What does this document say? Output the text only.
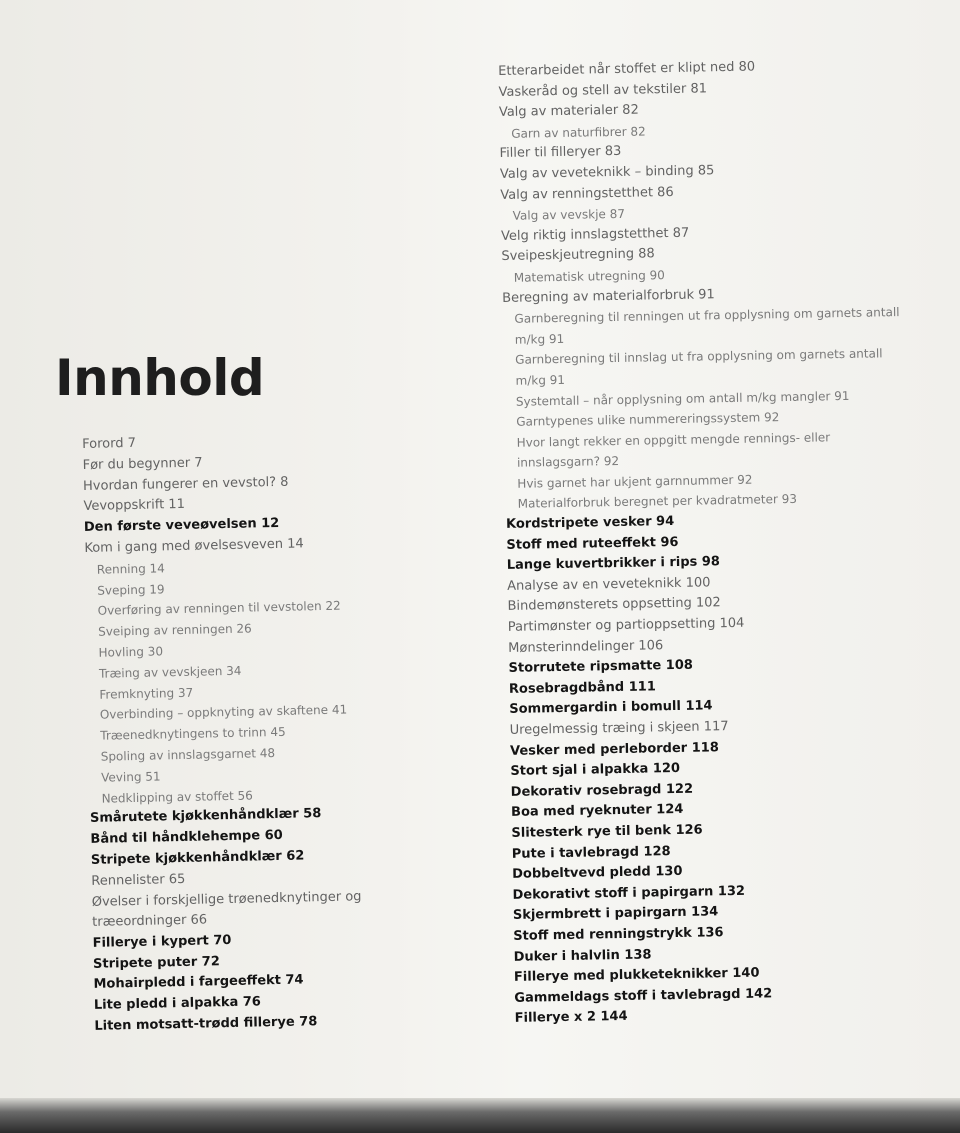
Innhold
Forord 7
Før du begynner 7
Hvordan fungerer en vevstol? 8
Vevoppskrift 11
Den første veveøvelsen 12
Kom i gang med øvelsesveven 14
Renning 14
Sveping 19
Overføring av renningen til vevstolen 22
Sveiping av renningen 26
Hovling 30
Træing av vevskjeen 34
Fremknyting 37
Overbinding – oppknyting av skaftene 41
Træenedknytingens to trinn 45
Spoling av innslagsgarnet 48
Veving 51
Nedklipping av stoffet 56
Smårutete kjøkkenhåndklær 58
Bånd til håndklehempe 60
Stripete kjøkkenhåndklær 62
Rennelister 65
Øvelser i forskjellige trøenedknytinger og træeordninger 66
Fillerye i kypert 70
Stripete puter 72
Mohairpledd i fargeeffekt 74
Lite pledd i alpakka 76
Liten motsatt-trødd fillerye 78
Etterarbeidet når stoffet er klipt ned 80
Vaskeråd og stell av tekstiler 81
Valg av materialer 82
Garn av naturfibrer 82
Filler til filleryer 83
Valg av veveteknikk – binding 85
Valg av renningstetthet 86
Valg av vevskje 87
Velg riktig innslagstetthet 87
Sveipeskjeutregning 88
Matematisk utregning 90
Beregning av materialforbruk 91
Garnberegning til renningen ut fra opplysning om garnets antall m/kg 91
Garnberegning til innslag ut fra opplysning om garnets antall m/kg 91
Systemtall – når opplysning om antall m/kg mangler 91
Garntypenes ulike nummereringssystem 92
Hvor langt rekker en oppgitt mengde rennings- eller innslagsgarn? 92
Hvis garnet har ukjent garnnummer 92
Materialforbruk beregnet per kvadratmeter 93
Kordstripete vesker 94
Stoff med ruteeffekt 96
Lange kuvertbrikker i rips 98
Analyse av en veveteknikk 100
Bindemønsterets oppsetting 102
Partimønster og partioppsetting 104
Mønsterinndelinger 106
Storrutete ripsmatte 108
Rosebragdbånd 111
Sommergardin i bomull 114
Uregelmessig træing i skjeen 117
Vesker med perleborder 118
Stort sjal i alpakka 120
Dekorativ rosebragd 122
Boa med ryeknuter 124
Slitesterk rye til benk 126
Pute i tavlebragd 128
Dobbeltvevd pledd 130
Dekorativt stoff i papirgarn 132
Skjermbrett i papirgarn 134
Stoff med renningstrykk 136
Duker i halvlin 138
Fillerye med plukketeknikker 140
Gammeldags stoff i tavlebragd 142
Fillerye x 2 144
